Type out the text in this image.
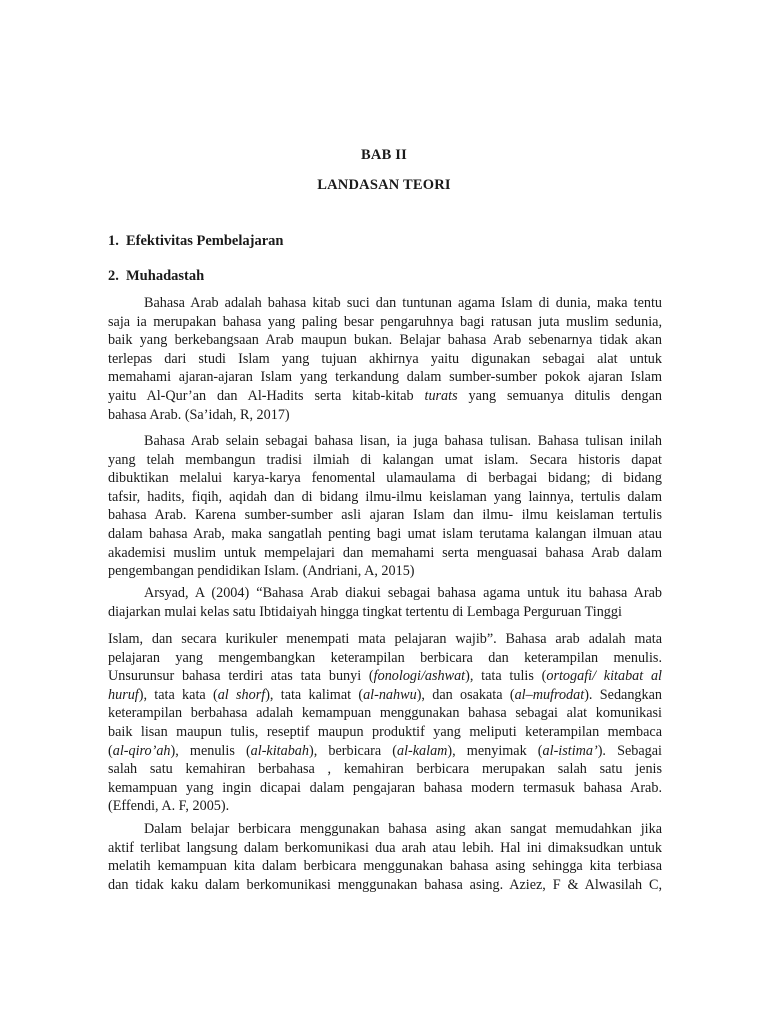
BAB II
LANDASAN TEORI
1. Efektivitas Pembelajaran
2. Muhadastah
Bahasa Arab adalah bahasa kitab suci dan tuntunan agama Islam di dunia, maka tentu
saja ia merupakan bahasa yang paling besar pengaruhnya bagi ratusan juta muslim sedunia,
baik yang berkebangsaan Arab maupun bukan. Belajar bahasa Arab sebenarnya tidak akan
terlepas dari studi Islam yang tujuan akhirnya yaitu digunakan sebagai alat untuk
memahami ajaran-ajaran Islam yang terkandung dalam sumber-sumber pokok ajaran Islam
yaitu Al-Qur’an dan Al-Hadits serta kitab-kitab turats yang semuanya ditulis dengan
bahasa Arab. (Sa’idah, R, 2017)
Bahasa Arab selain sebagai bahasa lisan, ia juga bahasa tulisan. Bahasa tulisan inilah
yang telah membangun tradisi ilmiah di kalangan umat islam. Secara historis dapat
dibuktikan melalui karya-karya fenomental ulamaulama di berbagai bidang; di bidang
tafsir, hadits, fiqih, aqidah dan di bidang ilmu-ilmu keislaman yang lainnya, tertulis dalam
bahasa Arab. Karena sumber-sumber asli ajaran Islam dan ilmu- ilmu keislaman tertulis
dalam bahasa Arab, maka sangatlah penting bagi umat islam terutama kalangan ilmuan atau
akademisi muslim untuk mempelajari dan memahami serta menguasai bahasa Arab dalam
pengembangan pendidikan Islam. (Andriani, A, 2015)
Arsyad, A (2004) “Bahasa Arab diakui sebagai bahasa agama untuk itu bahasa Arab
diajarkan mulai kelas satu Ibtidaiyah hingga tingkat tertentu di Lembaga Perguruan Tinggi
Islam, dan secara kurikuler menempati mata pelajaran wajib”. Bahasa arab adalah mata
pelajaran yang mengembangkan keterampilan berbicara dan keterampilan menulis.
Unsurunsur bahasa terdiri atas tata bunyi (fonologi/ashwat), tata tulis (ortogafi/ kitabat al
huruf), tata kata (al shorf), tata kalimat (al-nahwu), dan osakata (al–mufrodat). Sedangkan
keterampilan berbahasa adalah kemampuan menggunakan bahasa sebagai alat komunikasi
baik lisan maupun tulis, reseptif maupun produktif yang meliputi keterampilan membaca
(al-qiro’ah), menulis (al-kitabah), berbicara (al-kalam), menyimak (al-istima’). Sebagai
salah satu kemahiran berbahasa , kemahiran berbicara merupakan salah satu jenis
kemampuan yang ingin dicapai dalam pengajaran bahasa modern termasuk bahasa Arab.
(Effendi, A. F, 2005).
Dalam belajar berbicara menggunakan bahasa asing akan sangat memudahkan jika
aktif terlibat langsung dalam berkomunikasi dua arah atau lebih. Hal ini dimaksudkan untuk
melatih kemampuan kita dalam berbicara menggunakan bahasa asing sehingga kita terbiasa
dan tidak kaku dalam berkomunikasi menggunakan bahasa asing. Aziez, F & Alwasilah C,
